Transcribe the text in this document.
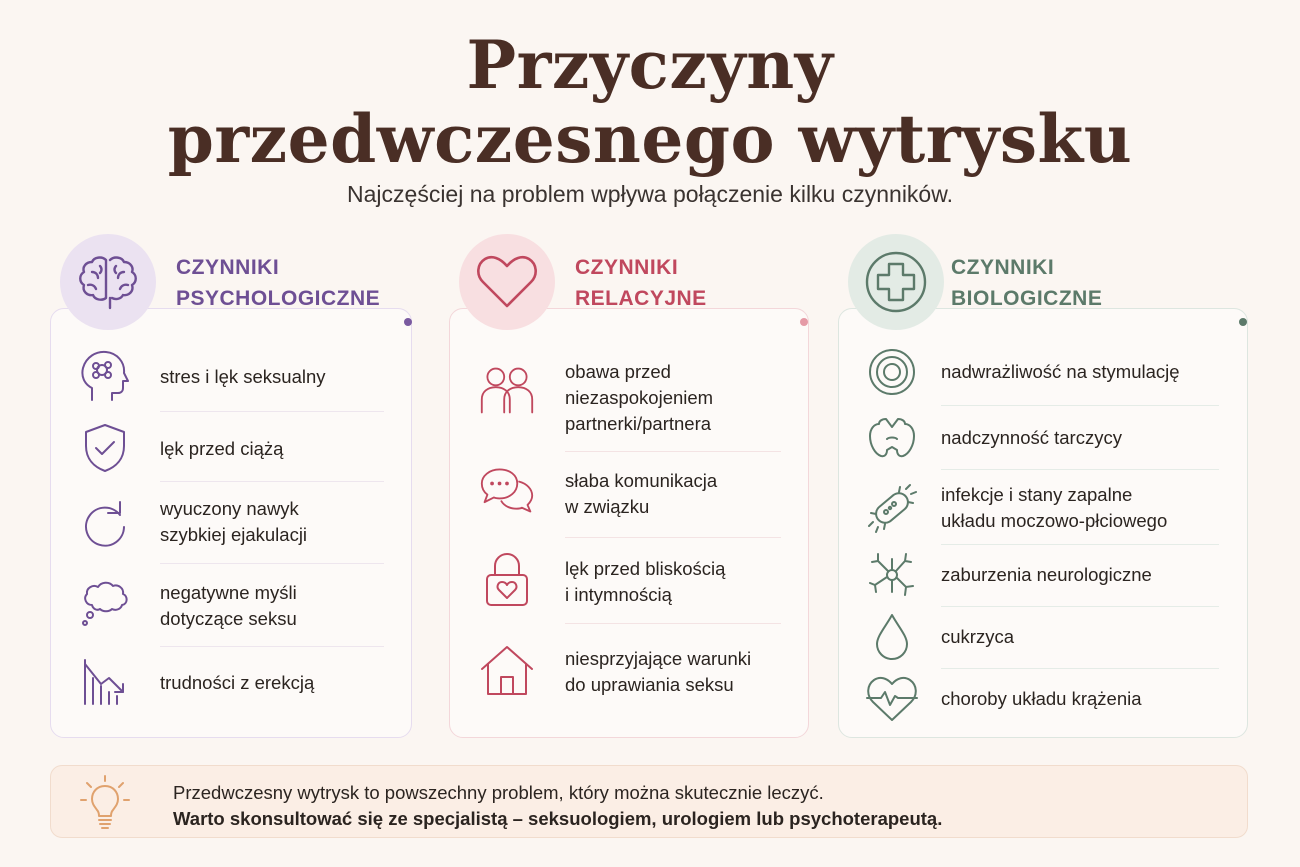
Przyczyny
przedwczesnego wytrysku
Najczęściej na problem wpływa połączenie kilku czynników.
CZYNNIKI
PSYCHOLOGICZNE
stres i lęk seksualny
lęk przed ciążą
wyuczony nawyk
szybkiej ejakulacji
negatywne myśli
dotyczące seksu
trudności z erekcją
CZYNNIKI
RELACYJNE
obawa przed
niezaspokojeniem
partnerki/partnera
słaba komunikacja
w związku
lęk przed bliskością
i intymnością
niesprzyjające warunki
do uprawiania seksu
CZYNNIKI
BIOLOGICZNE
nadwrażliwość na stymulację
nadczynność tarczycy
infekcje i stany zapalne
układu moczowo-płciowego
zaburzenia neurologiczne
cukrzyca
choroby układu krążenia
Przedwczesny wytrysk to powszechny problem, który można skutecznie leczyć.
Warto skonsultować się ze specjalistą – seksuologiem, urologiem lub psychoterapeutą.
